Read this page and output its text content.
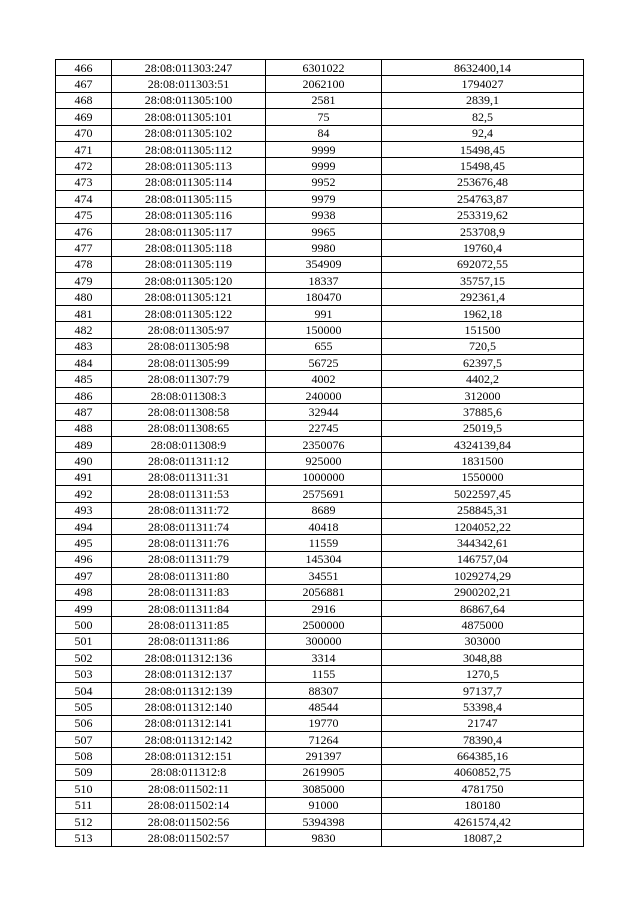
466	28:08:011303:247	6301022	8632400,14
467	28:08:011303:51	2062100	1794027
468	28:08:011305:100	2581	2839,1
469	28:08:011305:101	75	82,5
470	28:08:011305:102	84	92,4
471	28:08:011305:112	9999	15498,45
472	28:08:011305:113	9999	15498,45
473	28:08:011305:114	9952	253676,48
474	28:08:011305:115	9979	254763,87
475	28:08:011305:116	9938	253319,62
476	28:08:011305:117	9965	253708,9
477	28:08:011305:118	9980	19760,4
478	28:08:011305:119	354909	692072,55
479	28:08:011305:120	18337	35757,15
480	28:08:011305:121	180470	292361,4
481	28:08:011305:122	991	1962,18
482	28:08:011305:97	150000	151500
483	28:08:011305:98	655	720,5
484	28:08:011305:99	56725	62397,5
485	28:08:011307:79	4002	4402,2
486	28:08:011308:3	240000	312000
487	28:08:011308:58	32944	37885,6
488	28:08:011308:65	22745	25019,5
489	28:08:011308:9	2350076	4324139,84
490	28:08:011311:12	925000	1831500
491	28:08:011311:31	1000000	1550000
492	28:08:011311:53	2575691	5022597,45
493	28:08:011311:72	8689	258845,31
494	28:08:011311:74	40418	1204052,22
495	28:08:011311:76	11559	344342,61
496	28:08:011311:79	145304	146757,04
497	28:08:011311:80	34551	1029274,29
498	28:08:011311:83	2056881	2900202,21
499	28:08:011311:84	2916	86867,64
500	28:08:011311:85	2500000	4875000
501	28:08:011311:86	300000	303000
502	28:08:011312:136	3314	3048,88
503	28:08:011312:137	1155	1270,5
504	28:08:011312:139	88307	97137,7
505	28:08:011312:140	48544	53398,4
506	28:08:011312:141	19770	21747
507	28:08:011312:142	71264	78390,4
508	28:08:011312:151	291397	664385,16
509	28:08:011312:8	2619905	4060852,75
510	28:08:011502:11	3085000	4781750
511	28:08:011502:14	91000	180180
512	28:08:011502:56	5394398	4261574,42
513	28:08:011502:57	9830	18087,2
